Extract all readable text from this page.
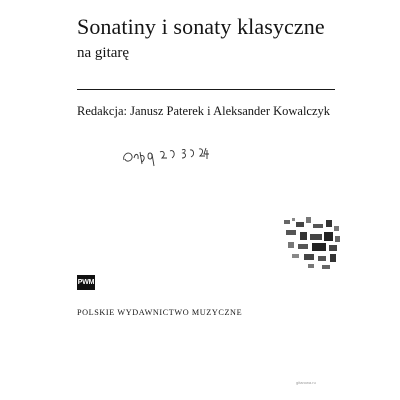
Sonatiny i sonaty klasyczne
na gitarę
Redakcja: Janusz Paterek i Aleksander Kowalczyk
PWM
POLSKIE WYDAWNICTWO MUZYCZNE
gitarowa.ru
